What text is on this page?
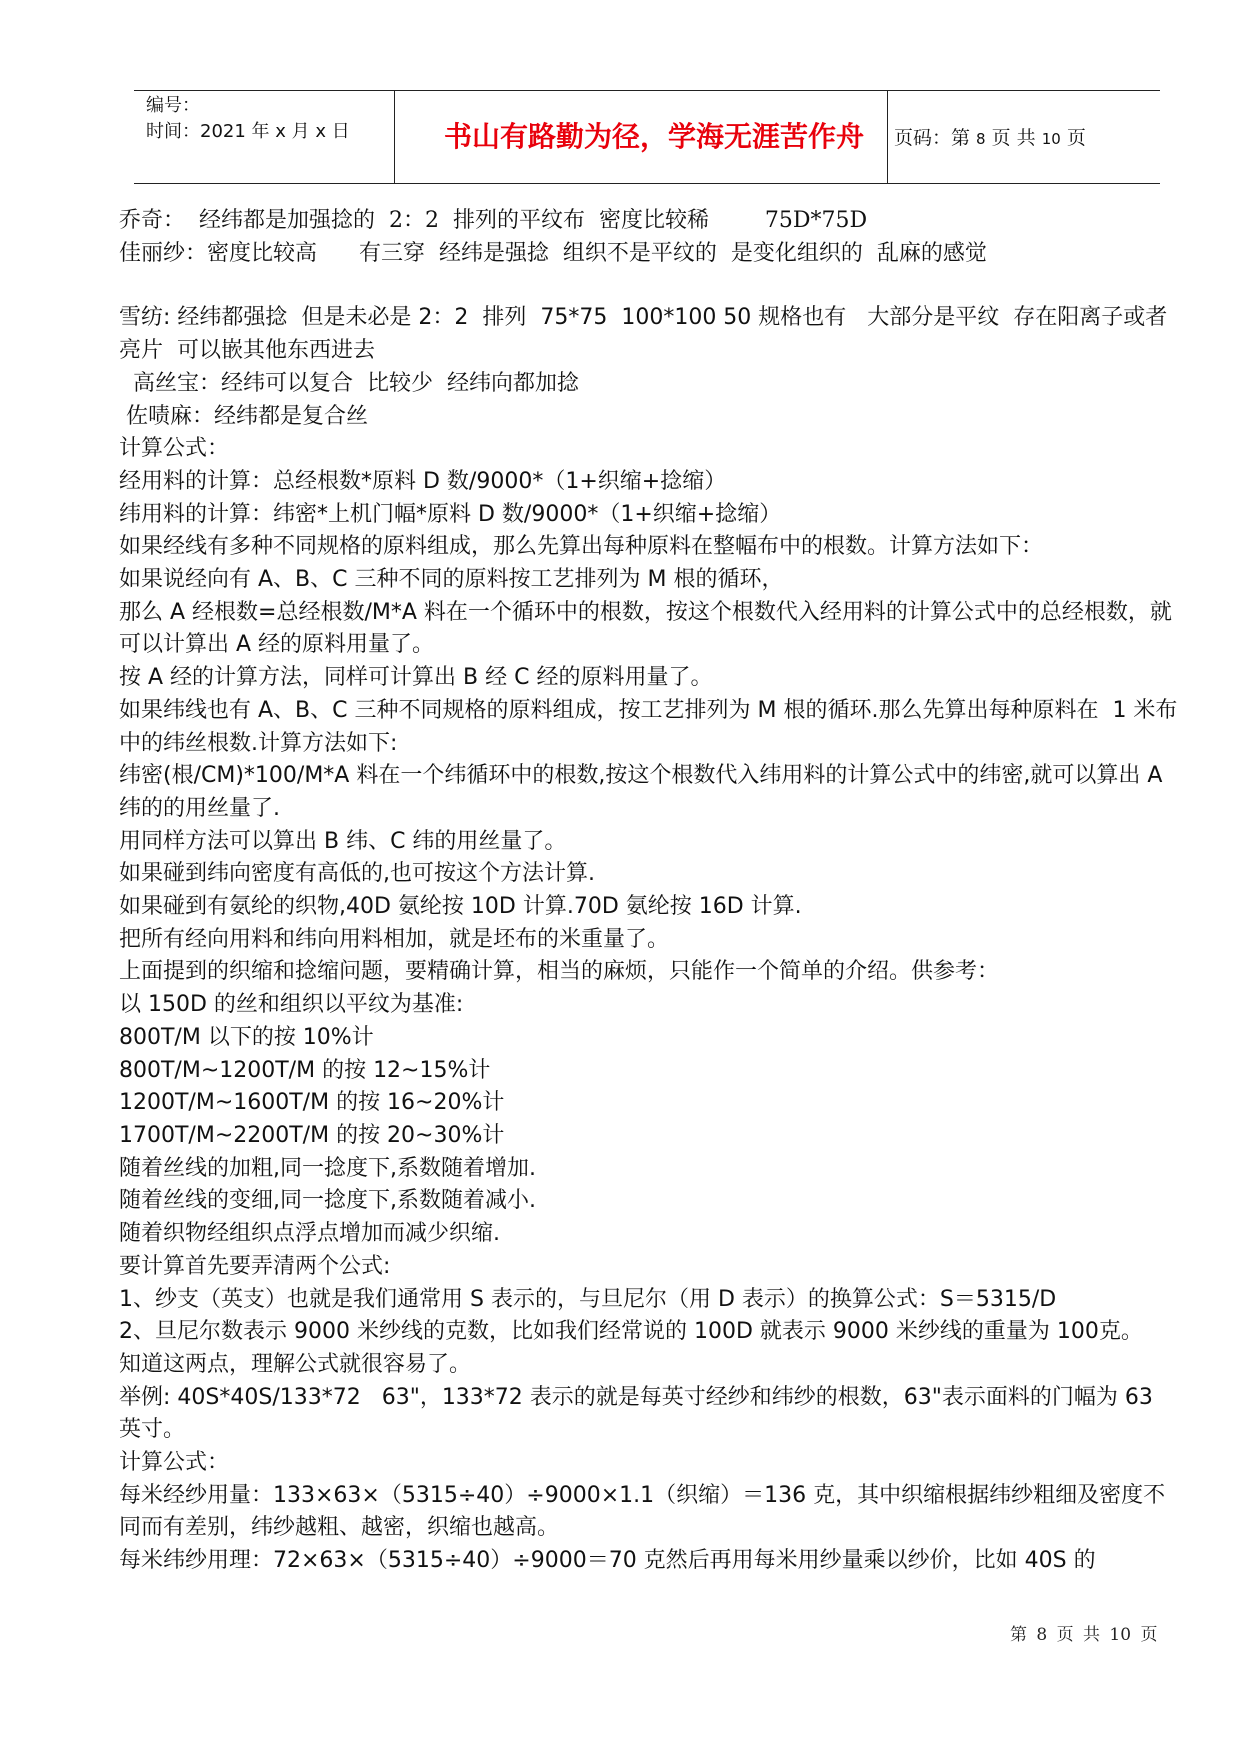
编号：
时间：2021 年 x 月 x 日	书山有路勤为径，学海无涯苦作舟	页码：第 8 页 共 10 页

乔奇：  经纬都是加强捻的  2：2  排列的平纹布  密度比较稀        75D*75D

佳丽纱：密度比较高      有三穿  经纬是强捻  组织不是平纹的  是变化组织的  乱麻的感觉

雪纺: 经纬都强捻  但是未必是 2：2  排列  75*75  100*100 50 规格也有   大部分是平纹  存在阳离子或者亮片  可以嵌其他东西进去

高丝宝：经纬可以复合  比较少  经纬向都加捻

佐啧麻：经纬都是复合丝

计算公式：

经用料的计算：总经根数*原料 D 数/9000*（1+织缩+捻缩）

纬用料的计算：纬密*上机门幅*原料 D 数/9000*（1+织缩+捻缩）

如果经线有多种不同规格的原料组成，那么先算出每种原料在整幅布中的根数。计算方法如下：

如果说经向有 A、B、C 三种不同的原料按工艺排列为 M 根的循环，

那么 A 经根数=总经根数/M*A 料在一个循环中的根数，按这个根数代入经用料的计算公式中的总经根数，就可以计算出 A 经的原料用量了。

按 A 经的计算方法，同样可计算出 B 经 C 经的原料用量了。

如果纬线也有 A、B、C 三种不同规格的原料组成，按工艺排列为 M 根的循环.那么先算出每种原料在  1 米布中的纬丝根数.计算方法如下:

纬密(根/CM)*100/M*A 料在一个纬循环中的根数,按这个根数代入纬用料的计算公式中的纬密,就可以算出 A 纬的的用丝量了.

用同样方法可以算出 B 纬、C 纬的用丝量了。

如果碰到纬向密度有高低的,也可按这个方法计算.

如果碰到有氨纶的织物,40D 氨纶按 10D 计算.70D 氨纶按 16D 计算.

把所有经向用料和纬向用料相加，就是坯布的米重量了。

上面提到的织缩和捻缩问题，要精确计算，相当的麻烦，只能作一个简单的介绍。供参考：

以 150D 的丝和组织以平纹为基准:

800T/M 以下的按 10%计

800T/M~1200T/M 的按 12~15%计

1200T/M~1600T/M 的按 16~20%计

1700T/M~2200T/M 的按 20~30%计

随着丝线的加粗,同一捻度下,系数随着增加.

随着丝线的变细,同一捻度下,系数随着减小.

随着织物经组织点浮点增加而减少织缩.

要计算首先要弄清两个公式:

1、纱支（英支）也就是我们通常用 S 表示的，与旦尼尔（用 D 表示）的换算公式：S＝5315/D

2、旦尼尔数表示 9000 米纱线的克数，比如我们经常说的 100D 就表示 9000 米纱线的重量为 100克。

知道这两点，理解公式就很容易了。

举例: 40S*40S/133*72   63"，133*72 表示的就是每英寸经纱和纬纱的根数，63"表示面料的门幅为 63 英寸。

计算公式：

每米经纱用量：133×63×（5315÷40）÷9000×1.1（织缩）＝136 克，其中织缩根据纬纱粗细及密度不同而有差别，纬纱越粗、越密，织缩也越高。

每米纬纱用理：72×63×（5315÷40）÷9000＝70 克然后再用每米用纱量乘以纱价，比如 40S 的

第 8 页 共 10 页
